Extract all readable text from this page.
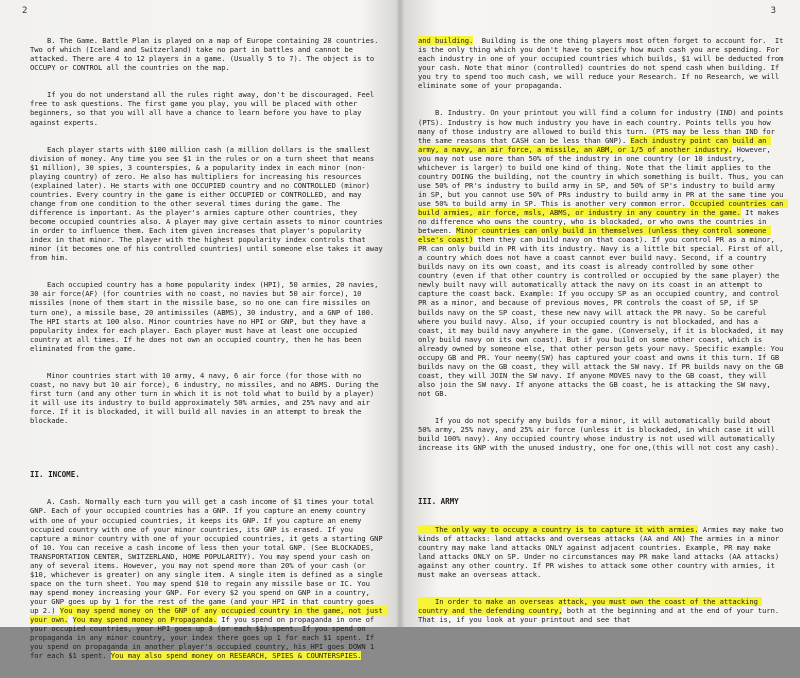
2

B. The Game. Battle Plan is played on a map of Europe containing 28 countries. Two of which (Iceland and Switzerland) take no part in battles and cannot be attacked. There are 4 to 12 players in a game. (Usually 5 to 7). The object is to OCCUPY or CONTROL all the countries on the map.

If you do not understand all the rules right away, don't be discouraged. Feel free to ask questions. The first game you play, you will be placed with other beginners, so that you will all have a chance to learn before you have to play against experts.

Each player starts with $100 million cash (a million dollars is the smallest division of money. Any time you see $1 in the rules or on a turn sheet that means $1 million), 30 spies, 3 counterspies, & a popularity index in each minor (non-playing country) of zero. He also has multipliers for increasing his resources (explained later). He starts with one OCCUPIED country and no CONTROLLED (minor) countries. Every country in the game is either OCCUPIED or CONTROLLED, and may change from one condition to the other several times during the game. The difference is important. As the player's armies capture other countries, they become occupied countries also. A player may give certain assets to minor countries in order to influence them. Each item given increases that player's popularity index in that minor. The player with the highest popularity index controls that minor (it becomes one of his controlled countries) until someone else takes it away from him.

Each occupied country has a home popularity index (HPI), 50 armies, 20 navies, 30 air force(AF) (for countries with no coast, no navies but 50 air force), 10 missiles (none of them start in the missile base, so no one can fire missiles on turn one), a missile base, 20 antimissiles (ABMS), 30 industry, and a GNP of 100. The HPI starts at 100 also. Minor countries have no HPI or GNP, but they have a popularity index for each player. Each player must have at least one occupied country at all times. If he does not own an occupied country, then he has been eliminated from the game.

Minor countries start with 10 army, 4 navy, 6 air force (for those with no coast, no navy but 10 air force), 6 industry, no missiles, and no ABMS. During the first turn (and any other turn in which it is not told what to build by a player) it will use its industry to build approximately 50% armies, and 25% navy and air force. If it is blockaded, it will build all navies in an attempt to break the blockade.

II. INCOME.

A. Cash. Normally each turn you will get a cash income of $1 times your total GNP. Each of your occupied countries has a GNP. If you capture an enemy country with one of your occupied countries, it keeps its GNP. If you capture an enemy occupied country with one of your minor countries, its GNP is erased. If you capture a minor country with one of your occupied countries, it gets a starting GNP of 10. You can receive a cash income of less then your total GNP. (See BLOCKADES, TRANSPORTATION CENTER, SWITZERLAND, HOME POPULARITY). You may spend your cash on any of several items. However, you may not spend more than 20% of your cash (or $10, whichever is greater) on any single item. A single item is defined as a single space on the turn sheet. You may spend $10 to regain any missile base or IC. You may spend money increasing your GNP. For every $2 you spend on GNP in a country, your GNP goes up by 1 for the rest of the game (and your HPI in that country goes up 2.) You may spend money on the GNP of any occupied country in the game, not just your own. You may spend money on Propaganda. If you spend on propaganda in one of your occupied countries, your HPI goes up 3 (or each $1) spent. If you spend on propaganda in any minor country, your index there goes up 1 for each $1 spent. If you spend on propaganda in another player's occupied country, his HPI goes DOWN 1 for each $1 spent. You may also spend money on RESEARCH, SPIES & COUNTERSPIES.

3

and building.  Building is the one thing players most often forget to account for.  It is the only thing which you don't have to specify how much cash you are spending. For each industry in one of your occupied countries which builds, $1 will be deducted from your cash. Note that minor (controlled) countries do not spend cash when building. If you try to spend too much cash, we will reduce your Research. If no Research, we will eliminate some of your propaganda.

B. Industry. On your printout you will find a column for industry (IND) and points (PTS). Industry is how much industry you have in each country. Points tells you how many of those industry are allowed to build this turn. (PTS may be less than IND for the same reasons that CASH can be less than GNP). Each industry point can build an army, a navy, an air force, a missile, an ABM, or 1/5 of another industry. However, you may not use more than 50% of the industry in one country (or 10 industry, whichever is larger) to build one kind of thing. Note that the limit applies to the country DOING the building, not the country in which something is built. Thus, you can use 50% of PR's industry to build army in SP, and 50% of SP's industry to build army in SP, but you cannot use 50% of PRs industry to build army in PR at the same time you use 50% to build army in SP. This is another very common error. Occupied countries can build armies, air force, msls, ABMS, or industry in any country in the game. It makes no difference who owns the country, who is blockaded, or who owns the countries in between. Minor countries can only build in themselves (unless they control someone else's coast) then they can build navy on that coast). If you control PR as a minor, PR can only build in PR with its industry. Navy is a little bit special. First of all, a country which does not have a coast cannot ever build navy. Second, if a country builds navy on its own coast, and its coast is already controlled by some other country (even if that other country is controlled or occupied by the same player) the newly built navy will automatically attack the navy on its coast in an attempt to capture the coast back. Example: If you occupy SP as an occupied country, and control PR as a minor, and because of previous moves, PR controls the coast of SP, if SP builds navy on the SP coast, these new navy will attack the PR navy. So be careful where you build navy. Also, if your occupied country is not blockaded, and has a coast, it may build navy anywhere in the game. (Conversely, if it is blockaded, it may only build navy on its own coast). But if you build on some other coast, which is already owned by someone else, that other person gets your navy. Specific example: You occupy GB and PR. Your neemy(SW) has captured your coast and owns it this turn. If GB builds navy on the GB coast, they will attack the SW navy. If PR builds navy on the GB coast, they will JOIN the SW navy. If anyone MOVES navy to the GB coast, they will also join the SW navy. If anyone attacks the GB coast, he is attacking the SW navy, not GB.

If you do not specify any builds for a minor, it will automatically build about 50% army, 25% navy, and 25% air force (unless it is blockaded, in which case it will build 100% navy). Any occupied country whose industry is not used will automatically increase its GNP with the unused industry, one for one,(this will not cost any cash).

III. ARMY

The only way to occupy a country is to capture it with armies. Armies may make two kinds of attacks: land attacks and overseas attacks (AA and AN) The armies in a minor country may make land attacks ONLY against adjacent countries. Example, PR may make land attacks ONLY on SP. Under no circumstances may PR make land attacks (AA attacks) against any other country. If PR wishes to attack some other country with armies, it must make an overseas attack.

In order to make an overseas attack, you must own the coast of the attacking country and the defending country, both at the beginning and at the end of your turn. That is, if you look at your printout and see that
